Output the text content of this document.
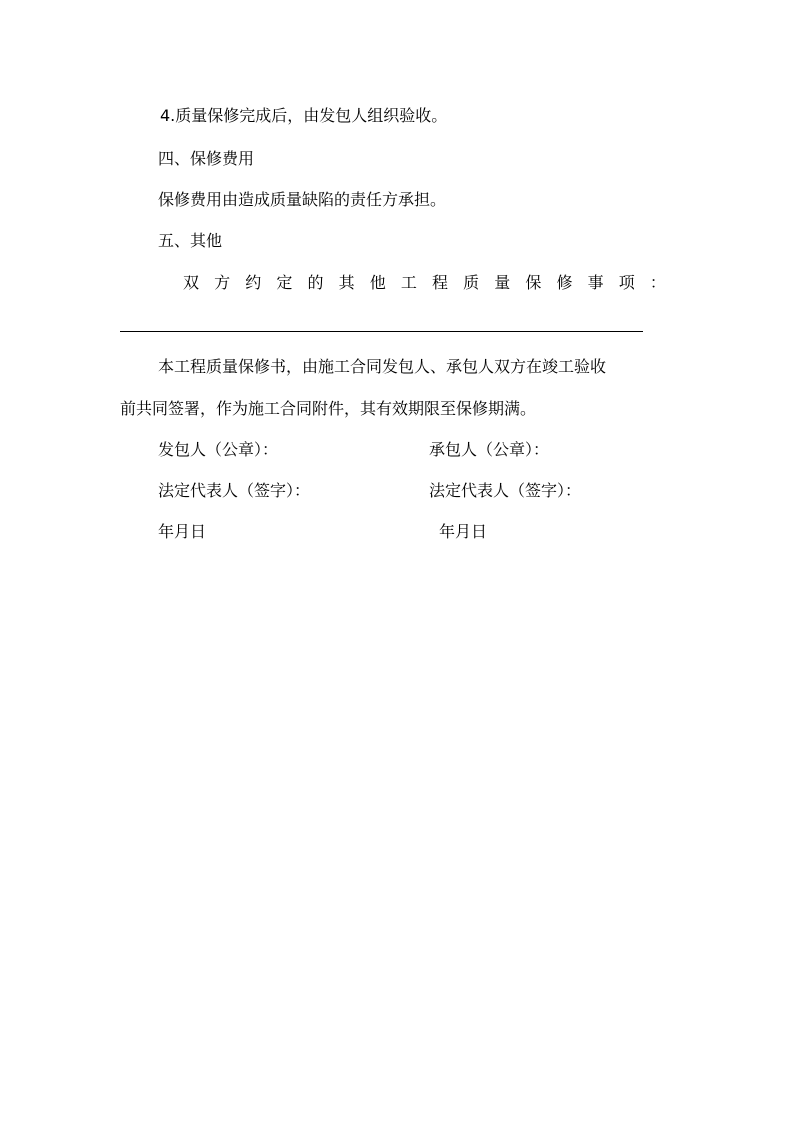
4.质量保修完成后，由发包人组织验收。
四、保修费用
保修费用由造成质量缺陷的责任方承担。
五、其他
双 方 约 定 的 其 他 工 程 质 量 保 修 事 项 ：
本工程质量保修书，由施工合同发包人、承包人双方在竣工验收
前共同签署，作为施工合同附件，其有效期限至保修期满。
发包人（公章）：	承包人（公章）：
法定代表人（签字）：	法定代表人（签字）：
年月日	年月日
